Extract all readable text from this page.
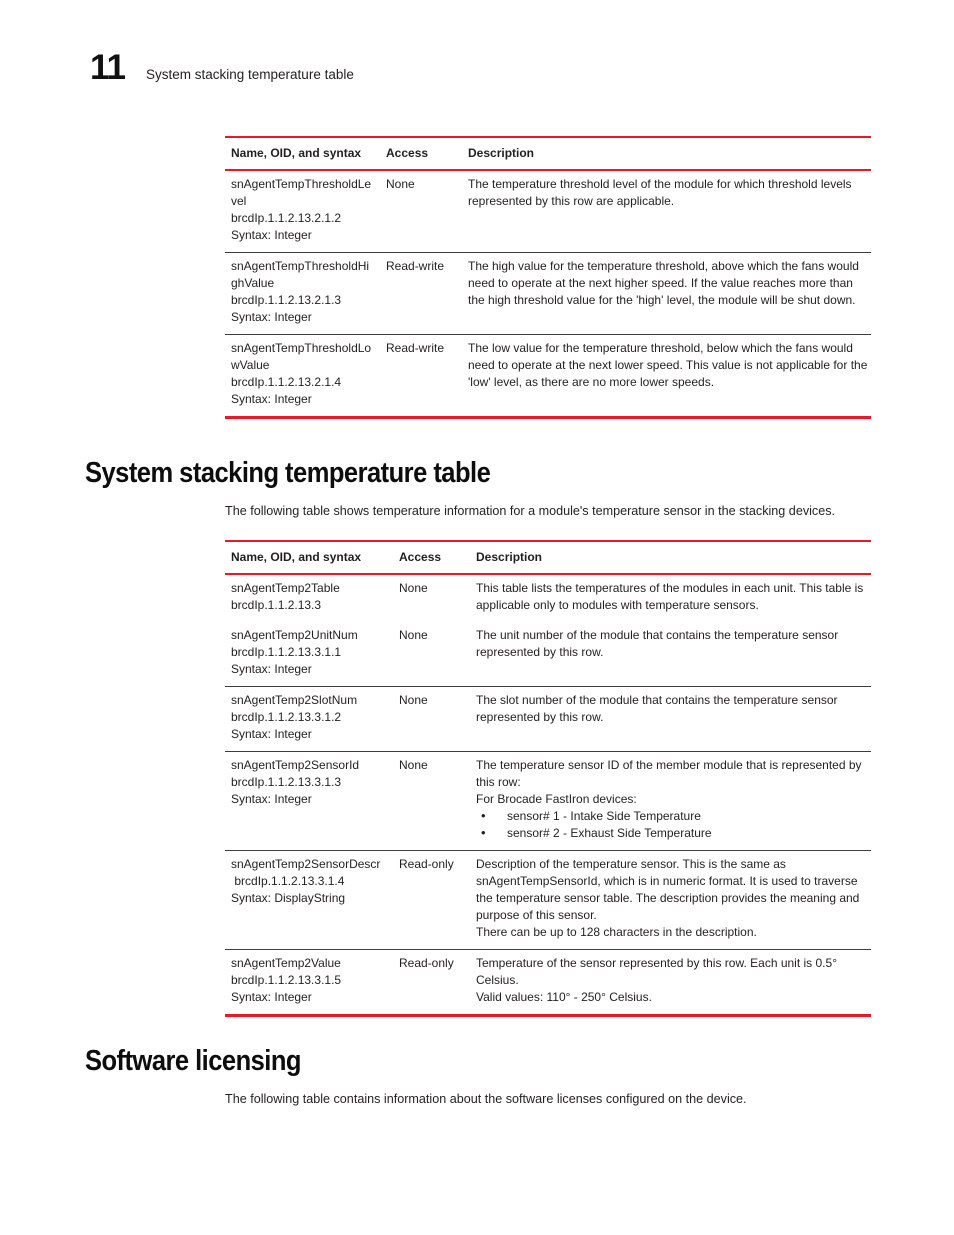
11 System stacking temperature table
Name, OID, and syntax	Access	Description
snAgentTempThresholdLevel
brcdIp.1.1.2.13.2.1.2
Syntax: Integer
None	The temperature threshold level of the module for which threshold levels represented by this row are applicable.
snAgentTempThresholdHighValue
brcdIp.1.1.2.13.2.1.3
Syntax: Integer
Read-write	The high value for the temperature threshold, above which the fans would need to operate at the next higher speed. If the value reaches more than the high threshold value for the 'high' level, the module will be shut down.
snAgentTempThresholdLowValue
brcdIp.1.1.2.13.2.1.4
Syntax: Integer
Read-write	The low value for the temperature threshold, below which the fans would need to operate at the next lower speed. This value is not applicable for the 'low' level, as there are no more lower speeds.
System stacking temperature table

The following table shows temperature information for a module's temperature sensor in the stacking devices.

Name, OID, and syntax	Access	Description
snAgentTemp2Table
brcdIp.1.1.2.13.3
None	This table lists the temperatures of the modules in each unit. This table is applicable only to modules with temperature sensors.
snAgentTemp2UnitNum
brcdIp.1.1.2.13.3.1.1
Syntax: Integer
None	The unit number of the module that contains the temperature sensor represented by this row.
snAgentTemp2SlotNum
brcdIp.1.1.2.13.3.1.2
Syntax: Integer
None	The slot number of the module that contains the temperature sensor represented by this row.
snAgentTemp2SensorId
brcdIp.1.1.2.13.3.1.3
Syntax: Integer
None	The temperature sensor ID of the member module that is represented by this row:
For Brocade FastIron devices:
• sensor# 1 - Intake Side Temperature
• sensor# 2 - Exhaust Side Temperature
snAgentTemp2SensorDescr
brcdIp.1.1.2.13.3.1.4
Syntax: DisplayString
Read-only	Description of the temperature sensor. This is the same as snAgentTempSensorId, which is in numeric format. It is used to traverse the temperature sensor table. The description provides the meaning and purpose of this sensor.
There can be up to 128 characters in the description.
snAgentTemp2Value
brcdIp.1.1.2.13.3.1.5
Syntax: Integer
Read-only	Temperature of the sensor represented by this row. Each unit is 0.5° Celsius.
Valid values: 110° - 250° Celsius.
Software licensing

The following table contains information about the software licenses configured on the device.
